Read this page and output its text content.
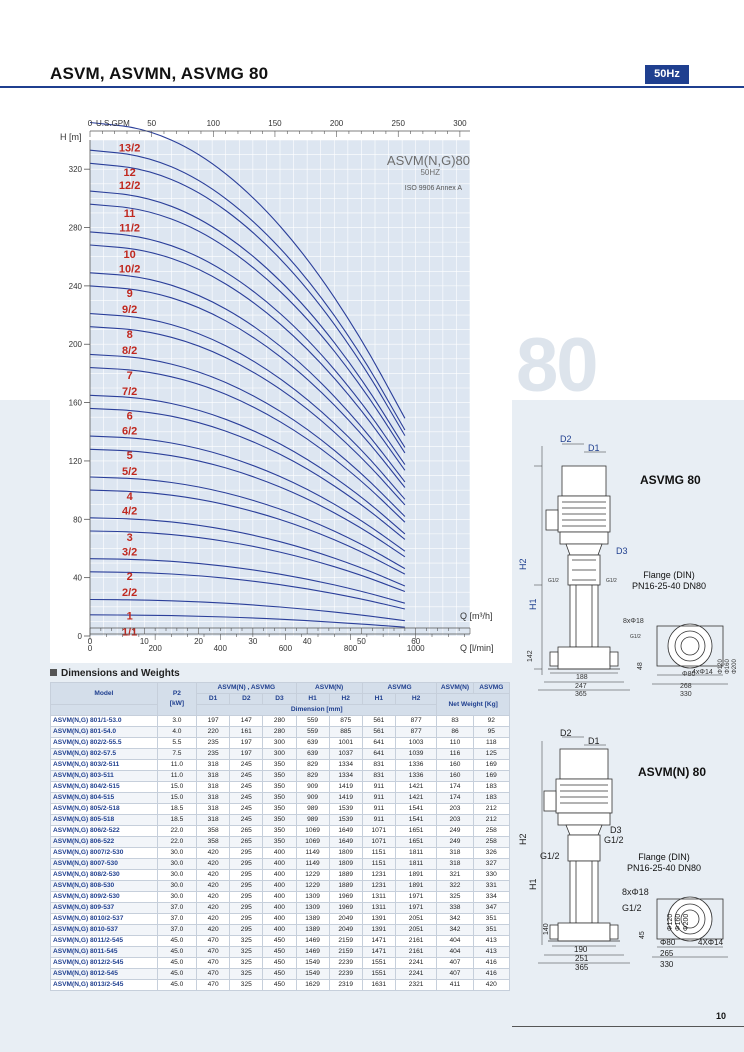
ASVM, ASVMN, ASVMG 80	50Hz
80
13/2
12
12/2
11
11/2
10
10/2
9
9/2
8
8/2
7
7/2
6
6/2
5
5/2
4
4/2
3
3/2
2
2/2
1
1/1
0
40
80
120
160
200
240
280
320
50	100	150	200	250	300
0
0	10	20	30	40	50	60
0	200	400	600	800	1000
ASVM(N,G)80
50HZ
ISO 9906 Annex A
H [m]
U.S.GPM
Q [m³/h]
Q [l/min]
Dimensions and Weights
Model	P2
[kW]	ASVM(N) , ASVMG			ASVM(N)		ASVMG		ASVM(N)	ASVMG
		D1	D2	D3	H1	H2	H1	H2	Net Weight [Kg]	
		Dimension [mm]								
ASVM(N,G) 801/1-53.0	3.0	197	147	280	559	875	561	877	83	92
ASVM(N,G) 801-54.0	4.0	220	161	280	559	885	561	877	86	95
ASVM(N,G) 802/2-55.5	5.5	235	197	300	639	1001	641	1003	110	118
ASVM(N,G) 802-57.5	7.5	235	197	300	639	1037	641	1039	116	125
ASVM(N,G) 803/2-511	11.0	318	245	350	829	1334	831	1336	160	169
ASVM(N,G) 803-511	11.0	318	245	350	829	1334	831	1336	160	169
ASVM(N,G) 804/2-515	15.0	318	245	350	909	1419	911	1421	174	183
ASVM(N,G) 804-515	15.0	318	245	350	909	1419	911	1421	174	183
ASVM(N,G) 805/2-518	18.5	318	245	350	989	1539	911	1541	203	212
ASVM(N,G) 805-518	18.5	318	245	350	989	1539	911	1541	203	212
ASVM(N,G) 806/2-522	22.0	358	265	350	1069	1649	1071	1651	249	258
ASVM(N,G) 806-522	22.0	358	265	350	1069	1649	1071	1651	249	258
ASVM(N,G) 8007/2-530	30.0	420	295	400	1149	1809	1151	1811	318	326
ASVM(N,G) 8007-530	30.0	420	295	400	1149	1809	1151	1811	318	327
ASVM(N,G) 808/2-530	30.0	420	295	400	1229	1889	1231	1891	321	330
ASVM(N,G) 808-530	30.0	420	295	400	1229	1889	1231	1891	322	331
ASVM(N,G) 809/2-530	30.0	420	295	400	1309	1969	1311	1971	325	334
ASVM(N,G) 809-537	37.0	420	295	400	1309	1969	1311	1971	338	347
ASVM(N,G) 8010/2-537	37.0	420	295	400	1389	2049	1391	2051	342	351
ASVM(N,G) 8010-537	37.0	420	295	400	1389	2049	1391	2051	342	351
ASVM(N,G) 8011/2-545	45.0	470	325	450	1469	2159	1471	2161	404	413
ASVM(N,G) 8011-545	45.0	470	325	450	1469	2159	1471	2161	404	413
ASVM(N,G) 8012/2-545	45.0	470	325	450	1549	2239	1551	2241	407	416
ASVM(N,G) 8012-545	45.0	470	325	450	1549	2239	1551	2241	407	416
ASVM(N,G) 8013/2-545	45.0	470	325	450	1629	2319	1631	2321	411	420
ASVMG 80
Flange (DIN)
PN16-25-40 DN80
D2
D1
D3
H2
H1
G1/2	G1/2
142
188
247
365
8xΦ18
G1/2
48
Φ80
268
330
Φ120 Φ160 Φ200
4xΦ14
ASVM(N) 80
Flange (DIN)
PN16-25-40 DN80
D2
D1
D3
G1/2
G1/2
H2
H1
140
190
251
365
8xΦ18
G1/2
45
Φ80
265
330
Φ120 Φ160 Φ200
4XΦ14
10
